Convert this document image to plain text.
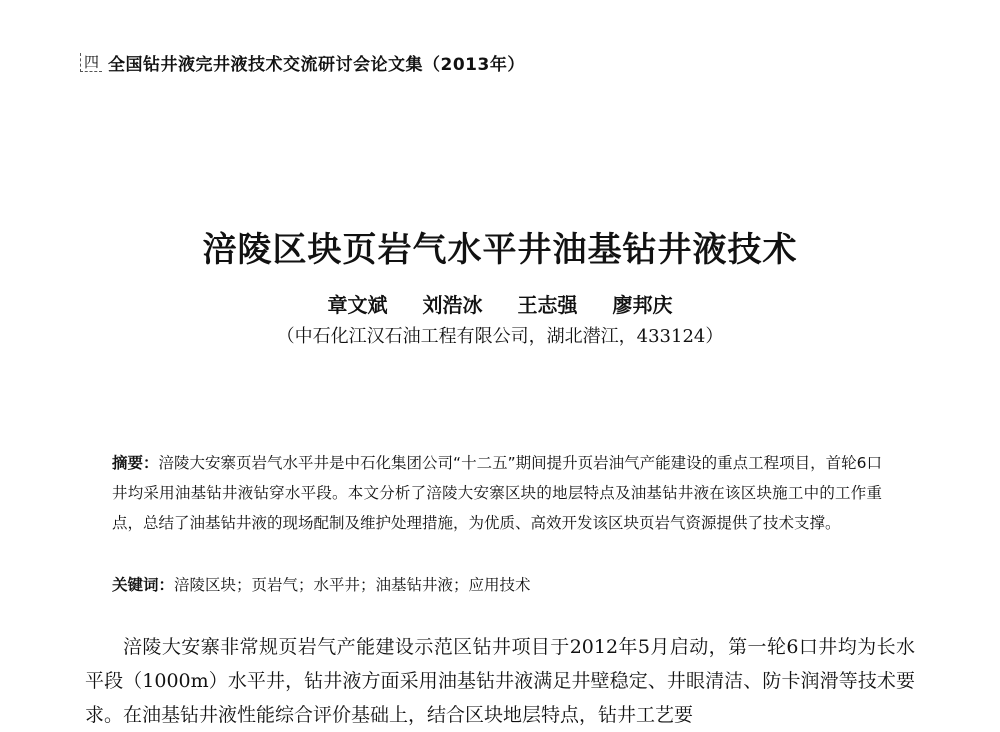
四 全国钻井液完井液技术交流研讨会论文集（2013年）
涪陵区块页岩气水平井油基钻井液技术
章文斌 刘浩冰 王志强 廖邦庆
（中石化江汉石油工程有限公司，湖北潜江，433124）
摘要：涪陵大安寨页岩气水平井是中石化集团公司“十二五”期间提升页岩油气产能建设的重点工程项目，首轮6口井均采用油基钻井液钻穿水平段。本文分析了涪陵大安寨区块的地层特点及油基钻井液在该区块施工中的工作重点，总结了油基钻井液的现场配制及维护处理措施，为优质、高效开发该区块页岩气资源提供了技术支撑。
关键词：涪陵区块；页岩气；水平井；油基钻井液；应用技术
涪陵大安寨非常规页岩气产能建设示范区钻井项目于2012年5月启动，第一轮6口井均为长水平段（1000m）水平井，钻井液方面采用油基钻井液满足井壁稳定、井眼清洁、防卡润滑等技术要求。在油基钻井液性能综合评价基础上，结合区块地层特点，钻井工艺要
